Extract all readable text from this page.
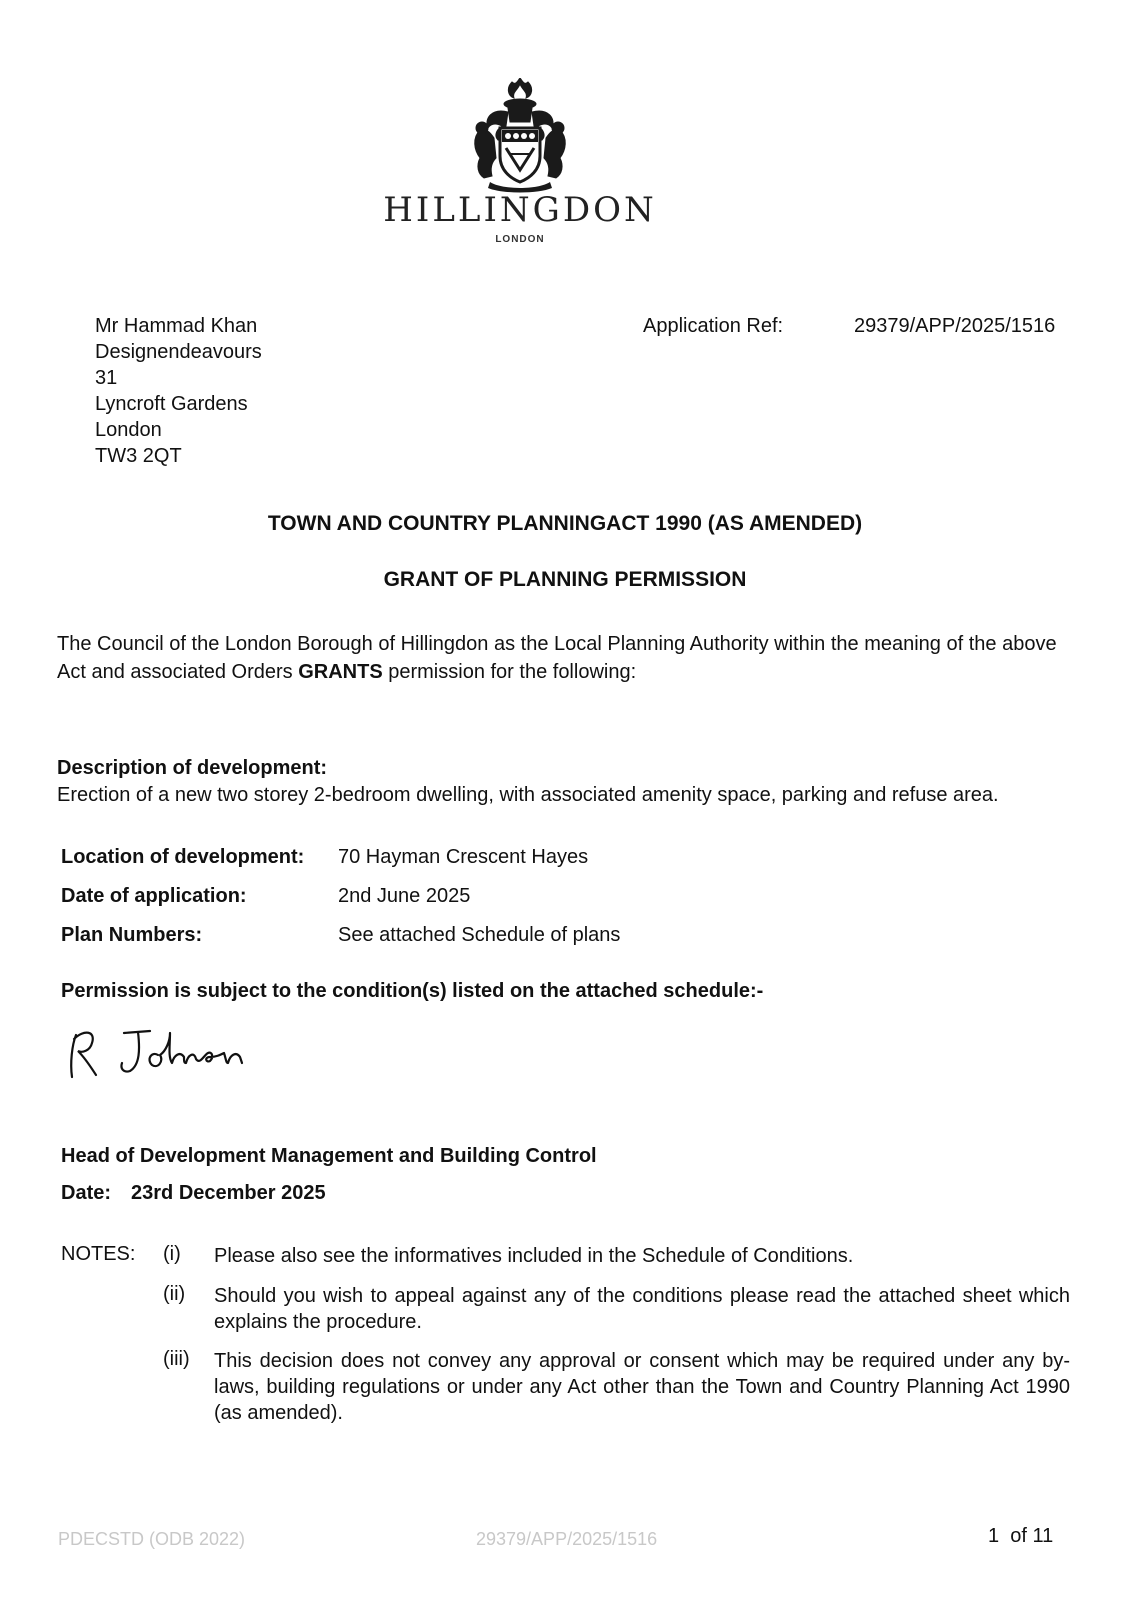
HILLINGDON
LONDON
Mr Hammad Khan
Designendeavours
31
Lyncroft Gardens
London
TW3 2QT
Application Ref:	29379/APP/2025/1516
TOWN AND COUNTRY PLANNINGACT 1990 (AS AMENDED)
GRANT OF PLANNING PERMISSION
The Council of the London Borough of Hillingdon as the Local Planning Authority within the meaning of the above Act and associated Orders GRANTS permission for the following:
Description of development:
Erection of a new two storey 2-bedroom dwelling, with associated amenity space, parking and refuse area.
Location of development: 70 Hayman Crescent Hayes
Date of application:	2nd June 2025
Plan Numbers:	See attached Schedule of plans
Permission is subject to the condition(s) listed on the attached schedule:-
Head of Development Management and Building Control
Date: 23rd December 2025
NOTES: (i) Please also see the informatives included in the Schedule of Conditions.
(ii) Should you wish to appeal against any of the conditions please read the attached sheet which explains the procedure.
(iii) This decision does not convey any approval or consent which may be required under any by-laws, building regulations or under any Act other than the Town and Country Planning Act 1990 (as amended).
PDECSTD (ODB 2022)	29379/APP/2025/1516	1  of 11
